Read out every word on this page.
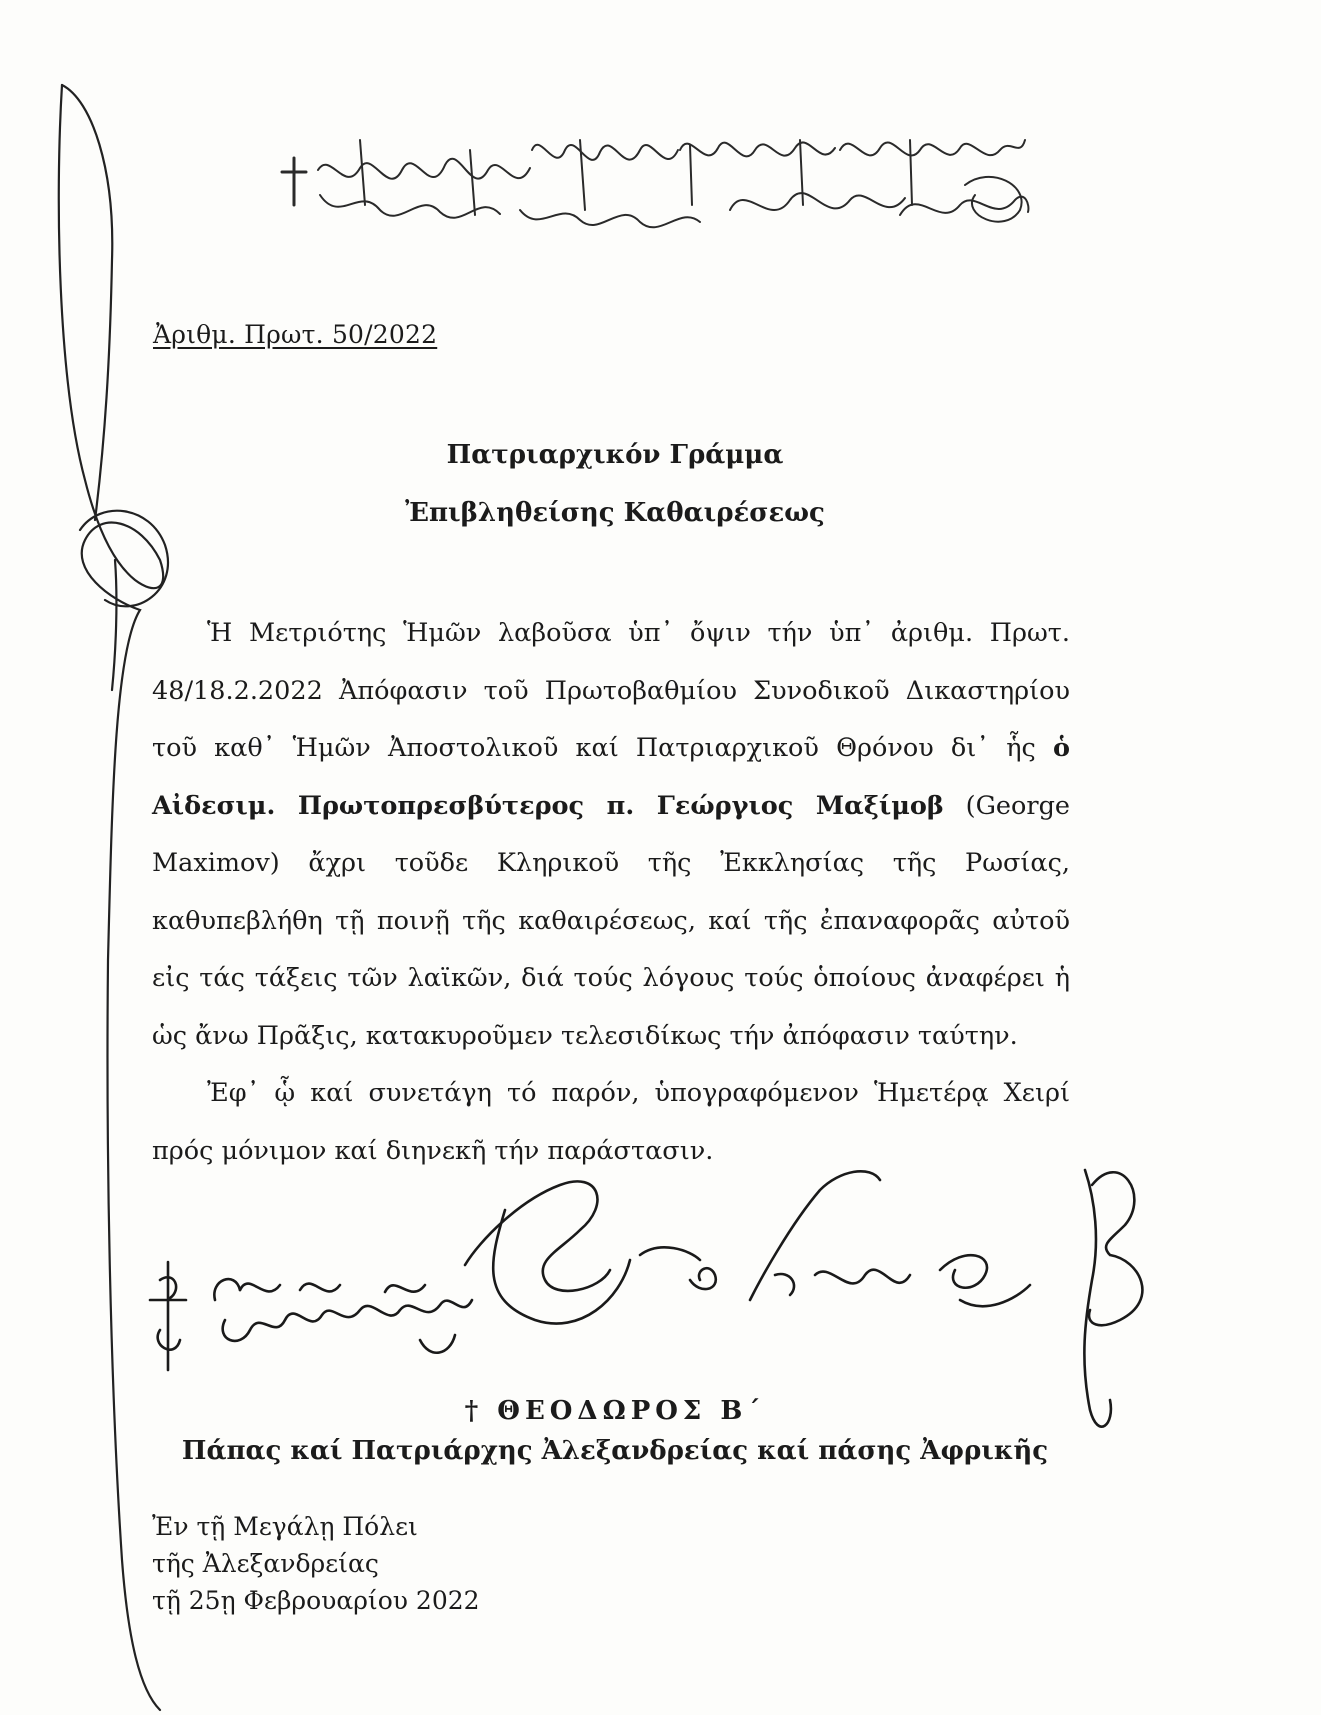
Ἀριθμ. Πρωτ. 50/2022
Πατριαρχικόν Γράμμα
Ἐπιβληθείσης Καθαιρέσεως

Ἡ Μετριότης Ἡμῶν λαβοῦσα ὑπ᾽ ὄψιν τήν ὑπ᾽ ἀριθμ. Πρωτ. 48/18.2.2022 Ἀπόφασιν τοῦ Πρωτοβαθμίου Συνοδικοῦ Δικαστηρίου τοῦ καθ᾽ Ἡμῶν Ἀποστολικοῦ καί Πατριαρχικοῦ Θρόνου δι᾽ ἧς ὁ Αἰδεσιμ. Πρωτοπρεσβύτερος π. Γεώργιος Μαξίμοβ (George Maximov) ἄχρι τοῦδε Κληρικοῦ τῆς Ἐκκλησίας τῆς Ρωσίας, καθυπεβλήθη τῇ ποινῇ τῆς καθαιρέσεως, καί τῆς ἐπαναφορᾶς αὐτοῦ εἰς τάς τάξεις τῶν λαϊκῶν, διά τούς λόγους τούς ὁποίους ἀναφέρει ἡ ὡς ἄνω Πρᾶξις, κατακυροῦμεν τελεσιδίκως τήν ἀπόφασιν ταύτην.

Ἐφ᾽ ᾧ καί συνετάγη τό παρόν, ὑπογραφόμενον Ἡμετέρᾳ Χειρί πρός μόνιμον καί διηνεκῆ τήν παράστασιν.

† ΘΕΟΔΩΡΟΣ Β΄
Πάπας καί Πατριάρχης Ἀλεξανδρείας καί πάσης Ἀφρικῆς
Ἐν τῇ Μεγάλῃ Πόλει
τῆς Ἀλεξανδρείας
τῇ 25ῃ Φεβρουαρίου 2022
